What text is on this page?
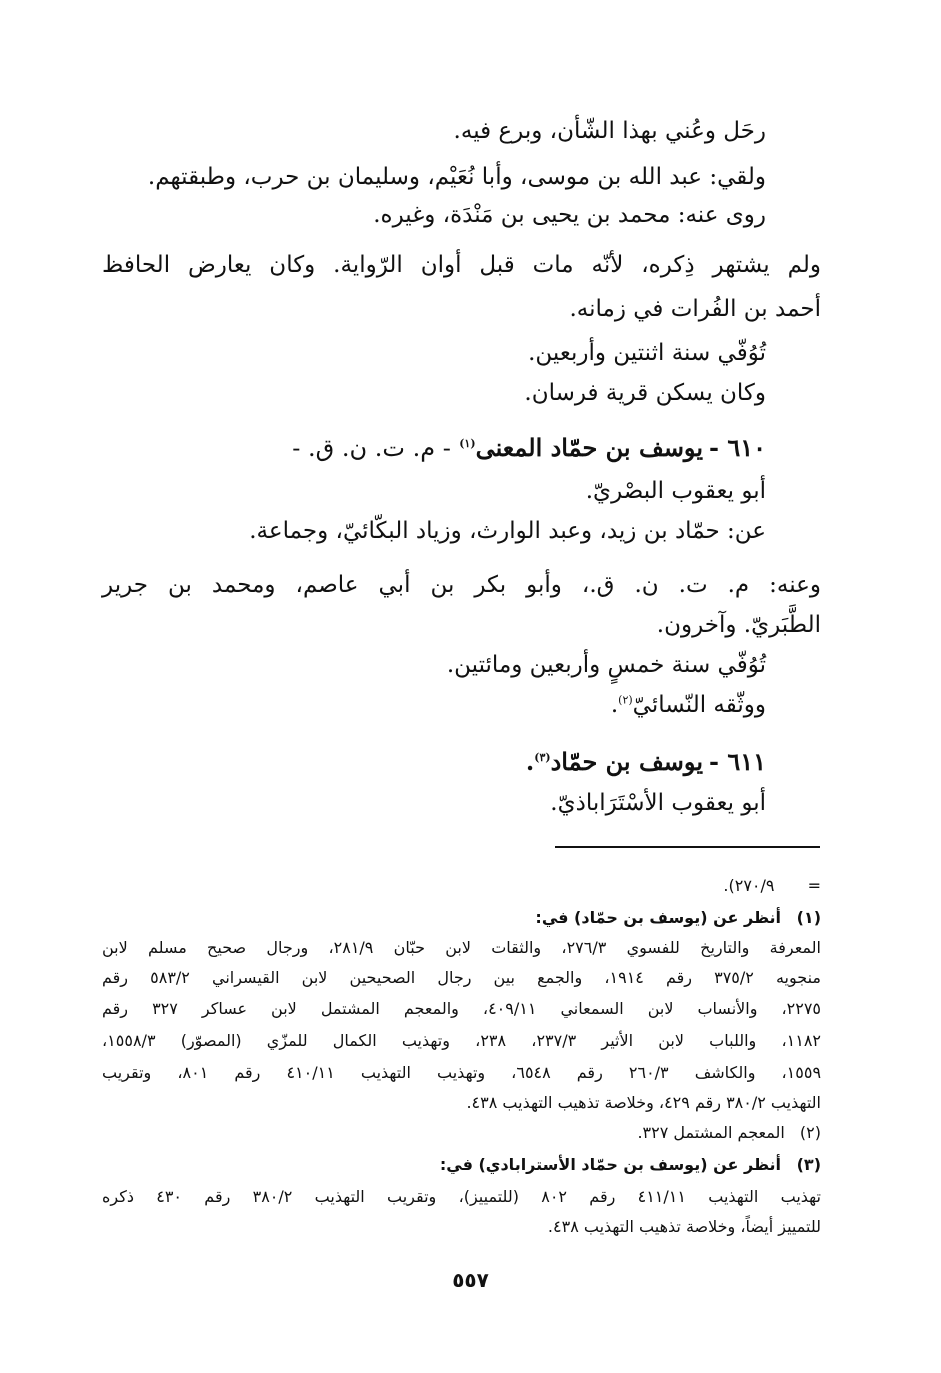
رحَل وعُني بهذا الشّأن، وبرع فيه.
ولقي: عبد الله بن موسى، وأبا نُعَيْم، وسليمان بن حرب، وطبقتهم.
روى عنه: محمد بن يحيى بن مَنْدَة، وغيره.
ولم يشتهر ذِكره، لأنّه مات قبل أوان الرّواية. وكان يعارض الحافظ
أحمد بن الفُرات في زمانه.
تُوُفّي سنة اثنتين وأربعين.
وكان يسكن قرية فرسان.
٦١٠ -يوسف بن حمّاد المعنى$^{(١)}$ - م. ت. ن. ق. -
أبو يعقوب البصْريّ.
عن: حمّاد بن زيد، وعبد الوارث، وزياد البكّائيّ، وجماعة.
وعنه: م. ت. ن. ق.، وأبو بكر بن أبي عاصم، ومحمد بن جرير
الطَّبَريّ. وآخرون.
تُوُفّي سنة خمسٍ وأربعين ومائتين.
ووثّقه النّسائيّ$^{(٢)}$.
٦١١ -يوسف بن حمّاد$^{(٣)}$.
أبو يعقوب الأسْتَرَاباذيّ.
= ٢٧٠/٩).
(١) أنظر عن (يوسف بن حمّاد) في:
المعرفة والتاريخ للفسوي ٢٧٦/٣، والثقات لابن حبّان ٢٨١/٩، ورجال صحيح مسلم لابن
منجويه ٣٧٥/٢ رقم ١٩١٤، والجمع بين رجال الصحيحين لابن القيسراني ٥٨٣/٢ رقم
٢٢٧٥، والأنساب لابن السمعاني ٤٠٩/١١، والمعجم المشتمل لابن عساكر ٣٢٧ رقم
١١٨٢، واللباب لابن الأثير ٢٣٧/٣، ٢٣٨، وتهذيب الكمال للمزّي (المصوّر) ١٥٥٨/٣،
١٥٥٩، والكاشف ٢٦٠/٣ رقم ٦٥٤٨، وتهذيب التهذيب ٤١٠/١١ رقم ٨٠١، وتقريب
التهذيب ٣٨٠/٢ رقم ٤٢٩، وخلاصة تذهيب التهذيب ٤٣٨.
(٢) المعجم المشتمل ٣٢٧.
(٣) أنظر عن (يوسف بن حمّاد الأسترابادي) في:
تهذيب التهذيب ٤١١/١١ رقم ٨٠٢ (للتمييز)، وتقريب التهذيب ٣٨٠/٢ رقم ٤٣٠ ذكره
للتمييز أيضاً، وخلاصة تذهيب التهذيب ٤٣٨.
٥٥٧
